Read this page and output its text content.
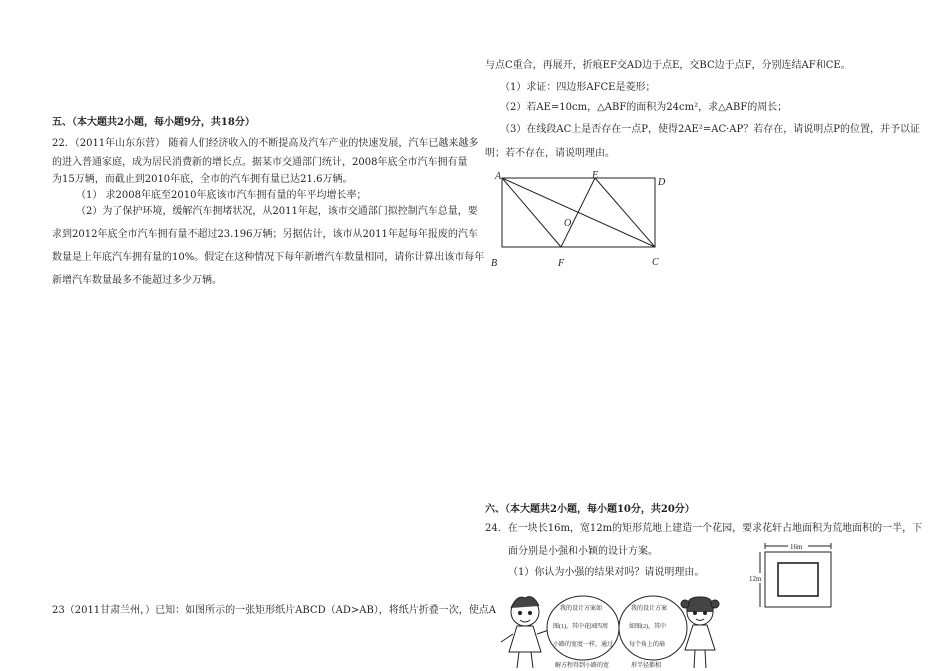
五、（本大题共2小题，每小题9分，共18分）
22．（2011年山东东营） 随着人们经济收入的不断提高及汽车产业的快速发展，汽车已越来越多
的进入普通家庭，成为居民消费新的增长点。据某市交通部门统计，2008年底全市汽车拥有量
为15万辆，而截止到2010年底，全市的汽车拥有量已达21.6万辆。
（1） 求2008年底至2010年底该市汽车拥有量的年平均增长率；
（2）为了保护环境，缓解汽车拥堵状况，从2011年起，该市交通部门拟控制汽车总量，要
求到2012年底全市汽车拥有量不超过23.196万辆；另据估计，该市从2011年起每年报废的汽车
数量是上年底汽车拥有量的10%。假定在这种情况下每年新增汽车数量相同，请你计算出该市每年
新增汽车数量最多不能超过多少万辆。
23（2011甘肃兰州，）已知：如图所示的一张矩形纸片ABCD（AD>AB），将纸片折叠一次，使点A
与点C重合，再展开，折痕EF交AD边于点E，交BC边于点F，分别连结AF和CE。
（1）求证：四边形AFCE是菱形；
（2）若AE=10cm，△ABF的面积为24cm²，求△ABF的周长；
（3）在线段AC上是否存在一点P，使得2AE²=AC·AP？若存在，请说明点P的位置，并予以证
明；若不存在，请说明理由。
A	E
D
O
B	F	C
六、（本大题共2小题，每小题10分，共20分）
24．在一块长16m，宽12m的矩形荒地上建造一个花园，要求花轩占地面积为荒地面积的一半，下
面分别是小强和小颖的设计方案。
（1）你认为小强的结果对吗？请说明理由。
16m
12m
我的设计方案如
图(1)，其中花园四周
小路的宽度一样，通过
解方程得到小路的宽
我的设计方案
如图(2)，其中
每个角上的扇
形半径都相
